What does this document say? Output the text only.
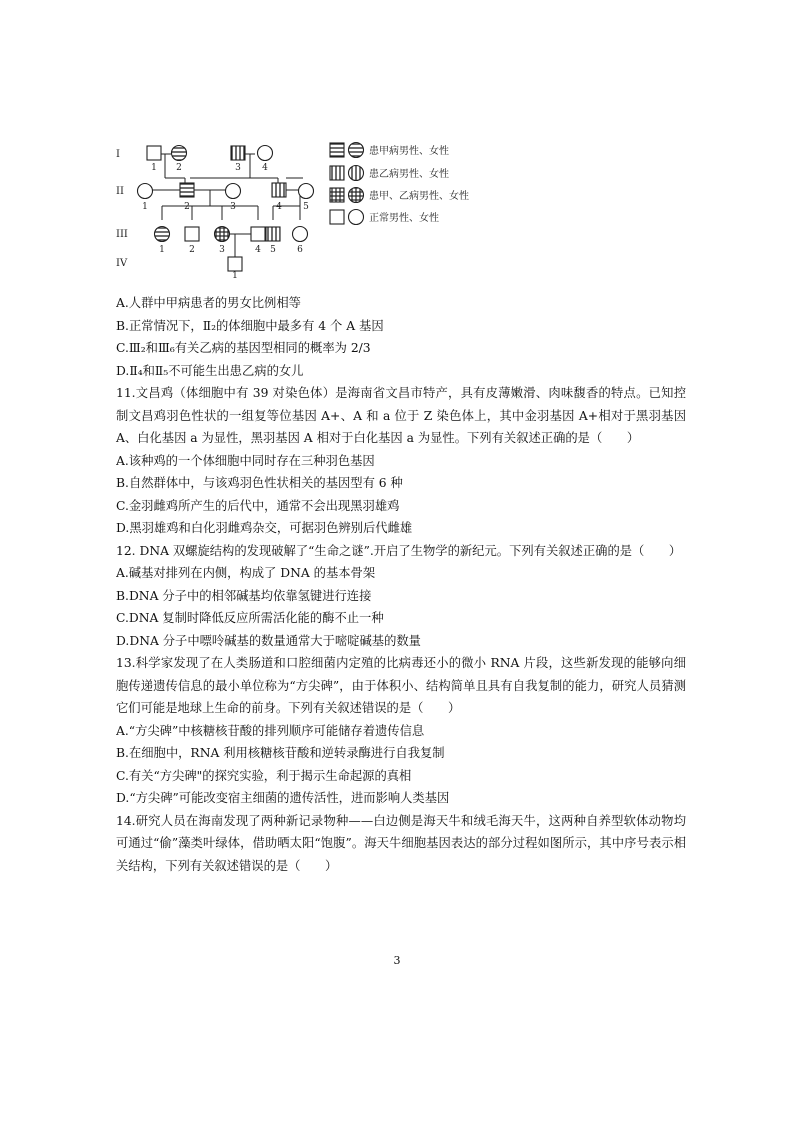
I
II
III
IV
1 2	3 4
1	2	3	4 5
1	2	3	4 5 6
1
患甲病男性、女性
患乙病男性、女性
患甲、乙病男性、女性
正常男性、女性
A.人群中甲病患者的男女比例相等
B.正常情况下，Ⅱ₂的体细胞中最多有 4 个 A 基因
C.Ⅲ₂和Ⅲ₆有关乙病的基因型相同的概率为 2/3
D.Ⅱ₄和Ⅱ₅不可能生出患乙病的女儿
11.文昌鸡（体细胞中有 39 对染色体）是海南省文昌市特产，具有皮薄嫩滑、肉味馥香的特点。已知控制文昌鸡羽色性状的一组复等位基因 A+、A 和 a 位于 Z 染色体上，其中金羽基因 A+相对于黑羽基因 A、白化基因 a 为显性，黑羽基因 A 相对于白化基因 a 为显性。下列有关叙述正确的是（　　）
A.该种鸡的一个体细胞中同时存在三种羽色基因
B.自然群体中，与该鸡羽色性状相关的基因型有 6 种
C.金羽雌鸡所产生的后代中，通常不会出现黑羽雄鸡
D.黑羽雄鸡和白化羽雌鸡杂交，可据羽色辨别后代雌雄
12. DNA 双螺旋结构的发现破解了“生命之谜”.开启了生物学的新纪元。下列有关叙述正确的是（　　）
A.碱基对排列在内侧，构成了 DNA 的基本骨架
B.DNA 分子中的相邻碱基均依靠氢键进行连接
C.DNA 复制时降低反应所需活化能的酶不止一种
D.DNA 分子中嘌呤碱基的数量通常大于嘧啶碱基的数量
13.科学家发现了在人类肠道和口腔细菌内定殖的比病毒还小的微小 RNA 片段，这些新发现的能够向细胞传递遗传信息的最小单位称为“方尖碑”，由于体积小、结构简单且具有自我复制的能力，研究人员猜测它们可能是地球上生命的前身。下列有关叙述错误的是（　　）
A.“方尖碑”中核糖核苷酸的排列顺序可能储存着遗传信息
B.在细胞中，RNA 利用核糖核苷酸和逆转录酶进行自我复制
C.有关“方尖碑"的探究实验，利于揭示生命起源的真相
D.“方尖碑”可能改变宿主细菌的遗传活性，进而影响人类基因
14.研究人员在海南发现了两种新记录物种——白边侧是海天牛和绒毛海天牛，这两种自养型软体动物均可通过“偷”藻类叶绿体，借助晒太阳“饱腹”。海天牛细胞基因表达的部分过程如图所示，其中序号表示相关结构，下列有关叙述错误的是（　　）
3
